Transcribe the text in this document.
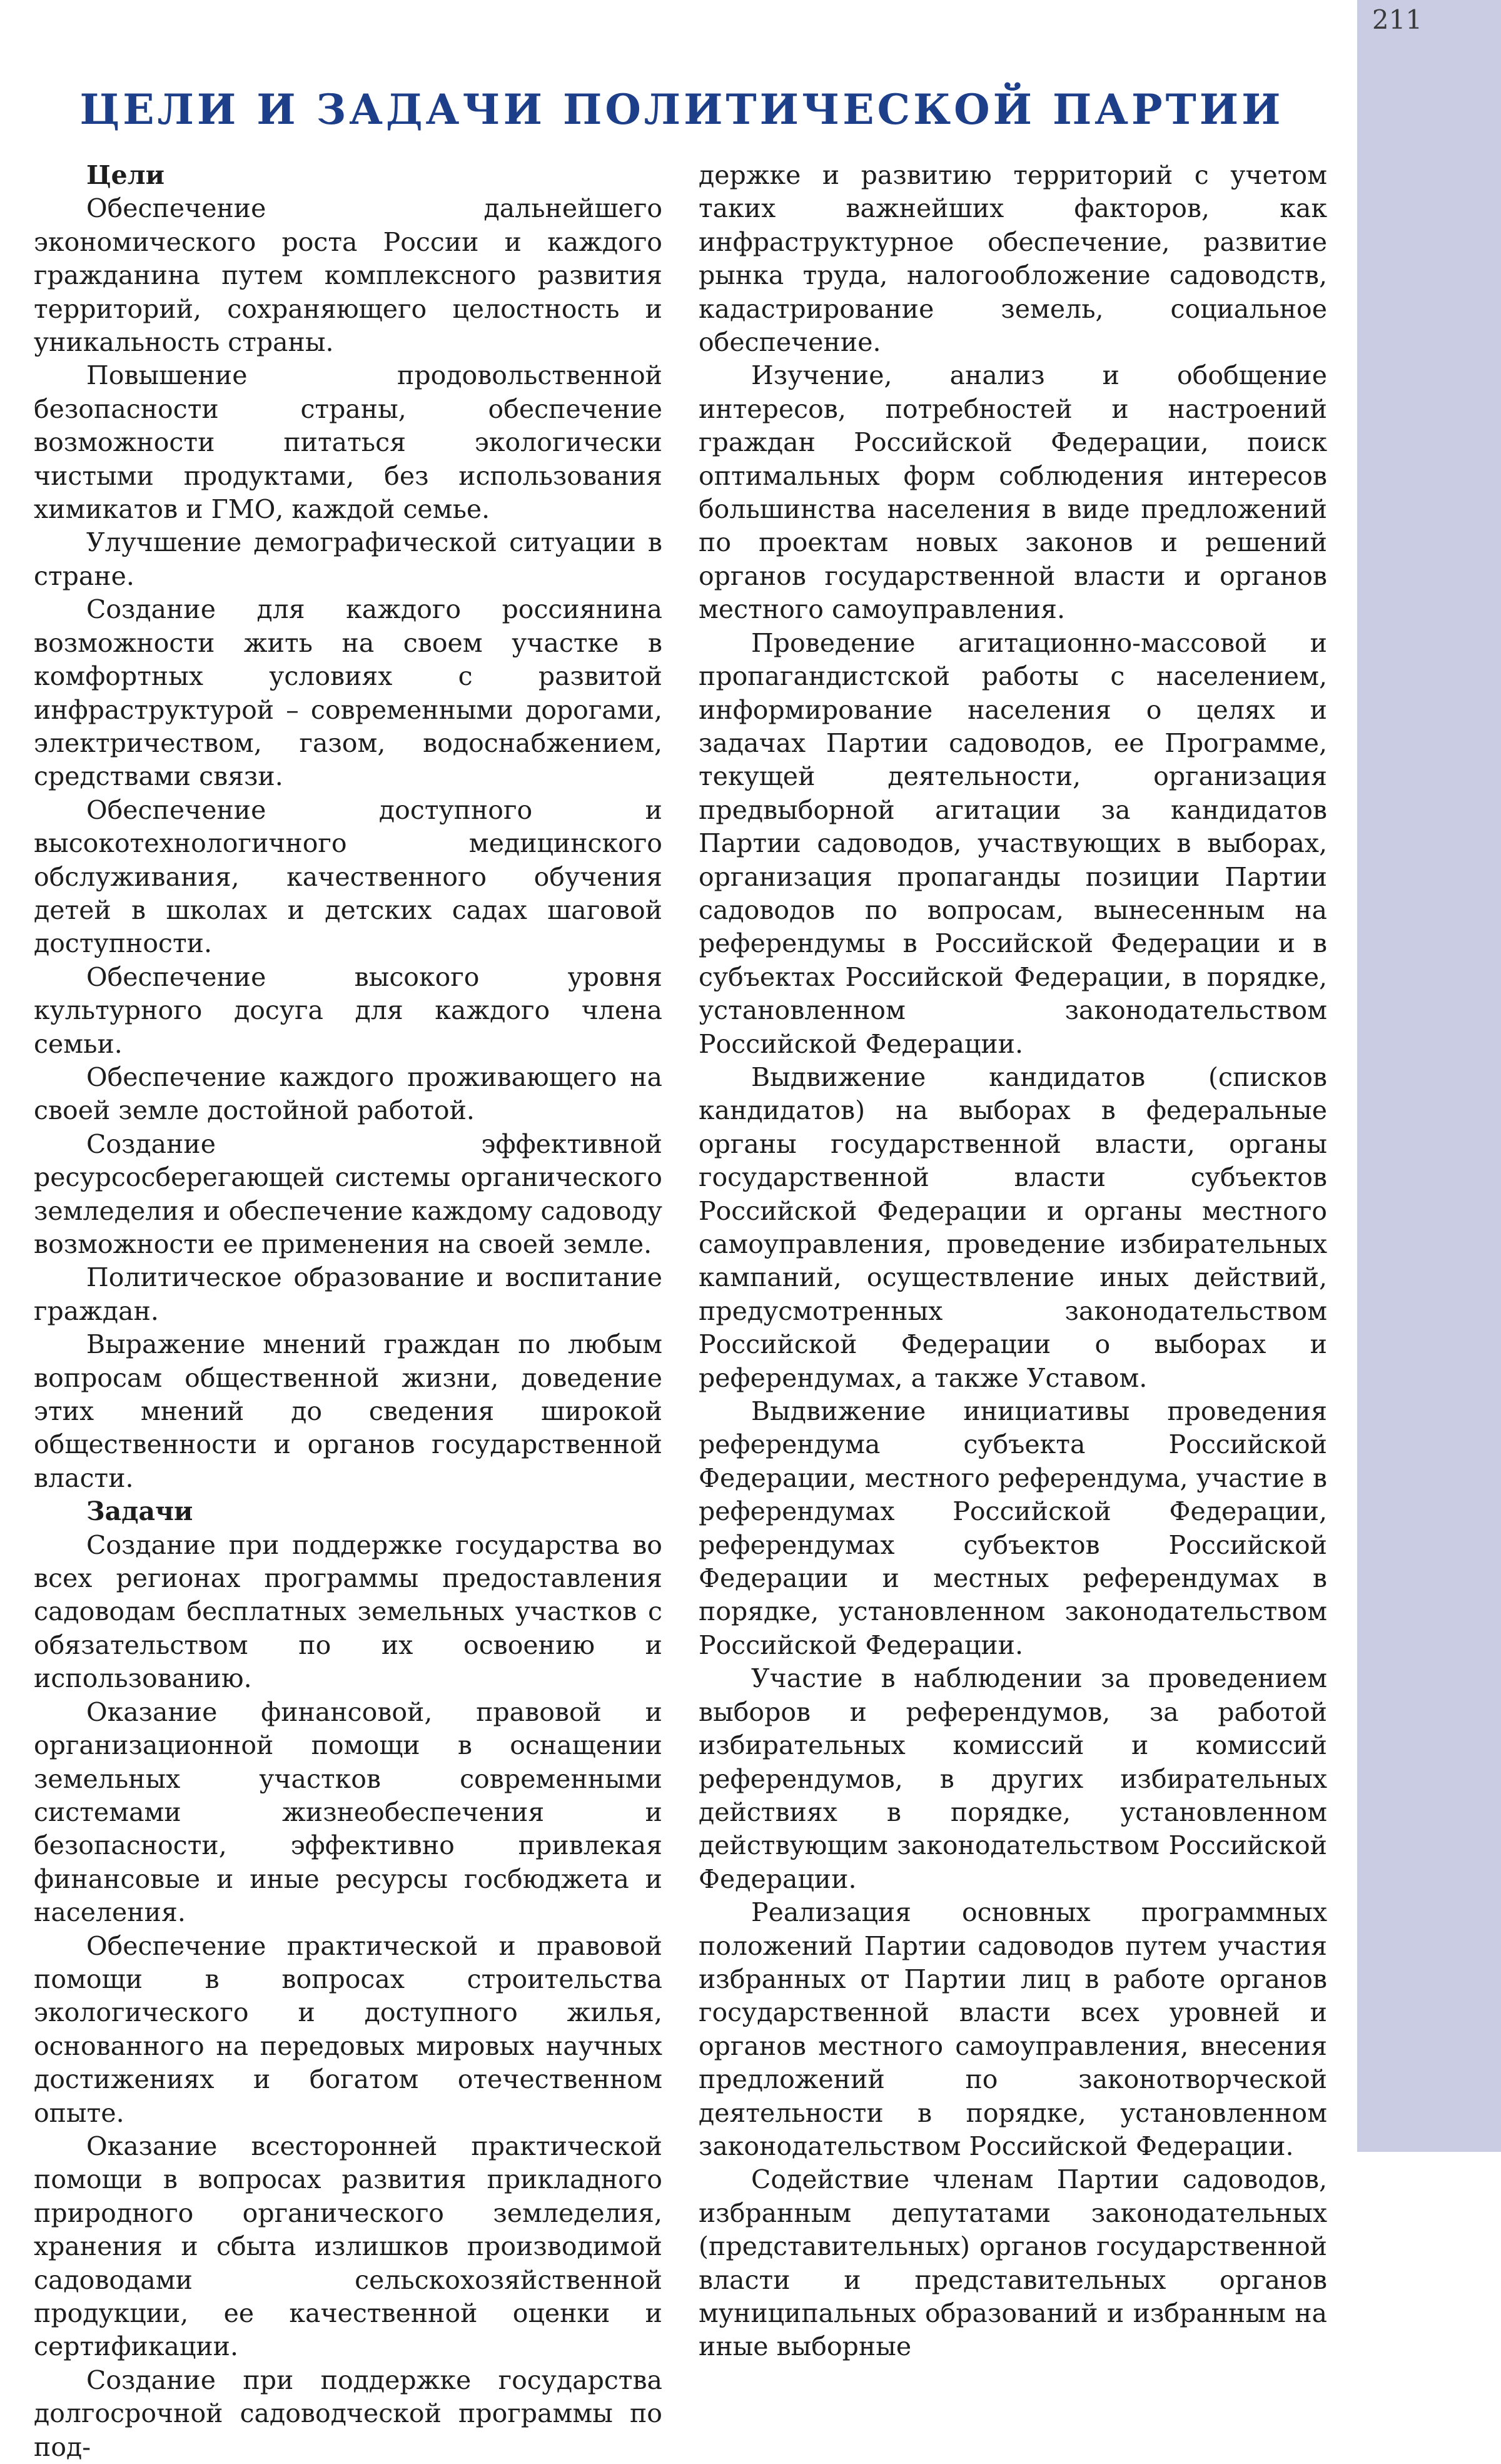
211
ЦЕЛИ И ЗАДАЧИ ПОЛИТИЧЕСКОЙ ПАРТИИ

Цели

Обеспечение дальнейшего экономического роста России и каждого гражданина путем комплексного развития территорий, сохраняющего целостность и уникальность страны.

Повышение продовольственной безопасности страны, обеспечение возможности питаться экологически чистыми продуктами, без использования химикатов и ГМО, каждой семье.

Улучшение демографической ситуации в стране.

Создание для каждого россиянина возможности жить на своем участке в комфортных условиях с развитой инфраструктурой – современными дорогами, электричеством, газом, водоснабжением, средствами связи.

Обеспечение доступного и высокотехнологичного медицинского обслуживания, качественного обучения детей в школах и детских садах шаговой доступности.

Обеспечение высокого уровня культурного досуга для каждого члена семьи.

Обеспечение каждого проживающего на своей земле достойной работой.

Создание эффективной ресурсосберегающей системы органического земледелия и обеспечение каждому садоводу возможности ее применения на своей земле.

Политическое образование и воспитание граждан.

Выражение мнений граждан по любым вопросам общественной жизни, доведение этих мнений до сведения широкой общественности и органов государственной власти.

Задачи

Создание при поддержке государства во всех регионах программы предоставления садоводам бесплатных земельных участков с обязательством по их освоению и использованию.

Оказание финансовой, правовой и организационной помощи в оснащении земельных участков современными системами жизнеобеспечения и безопасности, эффективно привлекая финансовые и иные ресурсы госбюджета и населения.

Обеспечение практической и правовой помощи в вопросах строительства экологического и доступного жилья, основанного на передовых мировых научных достижениях и богатом отечественном опыте.

Оказание всесторонней практической помощи в вопросах развития прикладного природного органического земледелия, хранения и сбыта излишков производимой садоводами сельскохозяйственной продукции, ее качественной оценки и сертификации.

Создание при поддержке государства долгосрочной садоводческой программы по под-

держке и развитию территорий с учетом таких важнейших факторов, как инфраструктурное обеспечение, развитие рынка труда, налогообложение садоводств, кадастрирование земель, социальное обеспечение.

Изучение, анализ и обобщение интересов, потребностей и настроений граждан Российской Федерации, поиск оптимальных форм соблюдения интересов большинства населения в виде предложений по проектам новых законов и решений органов государственной власти и органов местного самоуправления.

Проведение агитационно-массовой и пропагандистской работы с населением, информирование населения о целях и задачах Партии садоводов, ее Программе, текущей деятельности, организация предвыборной агитации за кандидатов Партии садоводов, участвующих в выборах, организация пропаганды позиции Партии садоводов по вопросам, вынесенным на референдумы в Российской Федерации и в субъектах Российской Федерации, в порядке, установленном законодательством Российской Федерации.

Выдвижение кандидатов (списков кандидатов) на выборах в федеральные органы государственной власти, органы государственной власти субъектов Российской Федерации и органы местного самоуправления, проведение избирательных кампаний, осуществление иных действий, предусмотренных законодательством Российской Федерации о выборах и референдумах, а также Уставом.

Выдвижение инициативы проведения референдума субъекта Российской Федерации, местного референдума, участие в референдумах Российской Федерации, референдумах субъектов Российской Федерации и местных референдумах в порядке, установленном законодательством Российской Федерации.

Участие в наблюдении за проведением выборов и референдумов, за работой избирательных комиссий и комиссий референдумов, в других избирательных действиях в порядке, установленном действующим законодательством Российской Федерации.

Реализация основных программных положений Партии садоводов путем участия избранных от Партии лиц в работе органов государственной власти всех уровней и органов местного самоуправления, внесения предложений по законотворческой деятельности в порядке, установленном законодательством Российской Федерации.

Содействие членам Партии садоводов, избранным депутатами законодательных (представительных) органов государственной власти и представительных органов муниципальных образований и избранным на иные выборные
